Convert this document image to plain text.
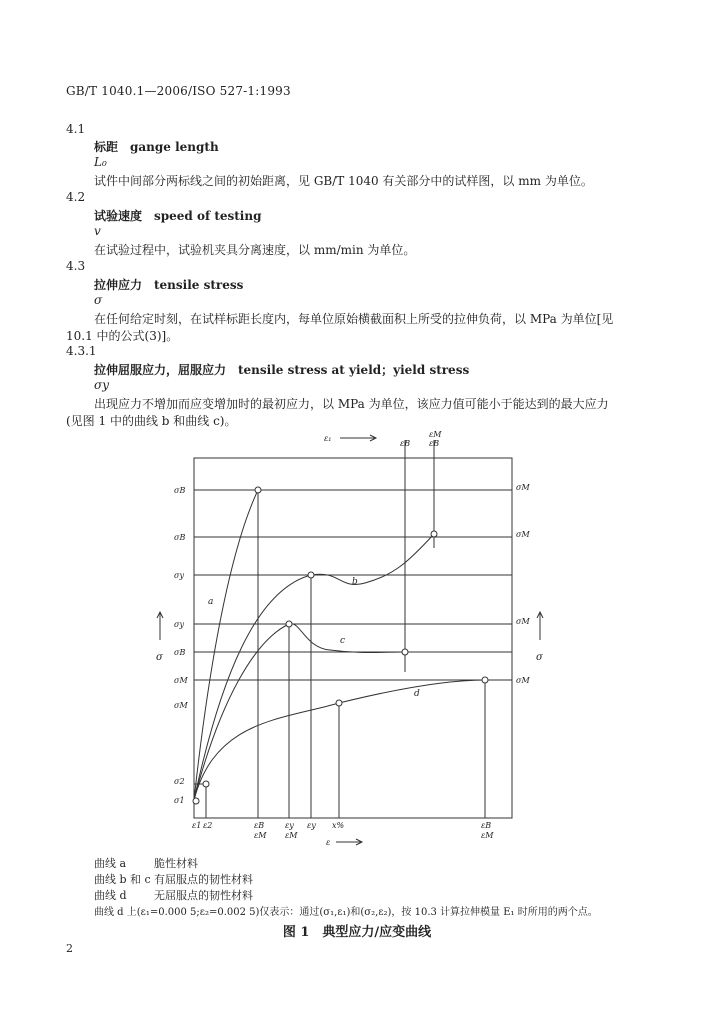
GB/T 1040.1—2006/ISO 527-1:1993
4.1
标距　gange length
L₀
试件中间部分两标线之间的初始距离，见 GB/T 1040 有关部分中的试样图，以 mm 为单位。
4.2
试验速度　speed of testing
v
在试验过程中，试验机夹具分离速度，以 mm/min 为单位。
4.3
拉伸应力　tensile stress
σ
在任何给定时刻，在试样标距长度内，每单位原始横截面积上所受的拉伸负荷，以 MPa 为单位[见
10.1 中的公式(3)]。
4.3.1
拉伸屈服应力，屈服应力　tensile stress at yield；yield stress
σy
出现应力不增加而应变增加时的最初应力，以 MPa 为单位，该应力值可能小于能达到的最大应力
(见图 1 中的曲线 b 和曲线 c)。
ε₁
εB
εM
εB
σB
σB
σy
σy
σB
σM
σM
σ2
σ1
σM
σM
σM
σM
ε1 ε2	εB	εy εy x%	εB
εM εM	εM
ε
a
b
c
d
σ	σ
曲线 a	脆性材料
曲线 b 和 c 有屈服点的韧性材料
曲线 d 无屈服点的韧性材料
曲线 d 上(ε₁=0.000 5;ε₂=0.002 5)仅表示：通过(σ₁,ε₁)和(σ₂,ε₂)，按 10.3 计算拉伸模量 E₁ 时所用的两个点。
图 1　典型应力/应变曲线
2
